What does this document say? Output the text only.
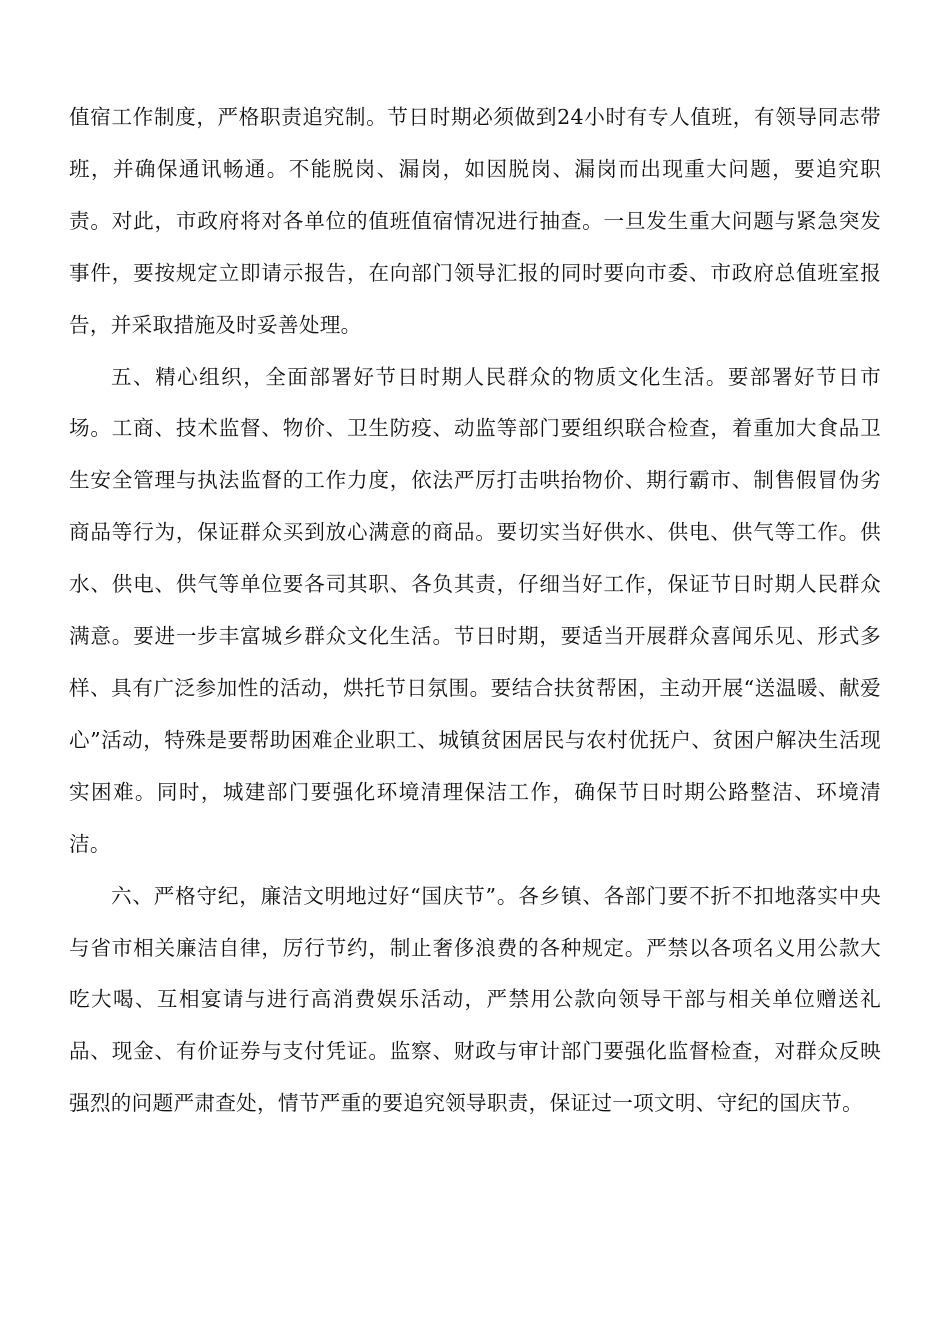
值宿工作制度，严格职责追究制。节日时期必须做到24小时有专人值班，有领导同志带班，并确保通讯畅通。不能脱岗、漏岗，如因脱岗、漏岗而出现重大问题，要追究职责。对此，市政府将对各单位的值班值宿情况进行抽查。一旦发生重大问题与紧急突发事件，要按规定立即请示报告，在向部门领导汇报的同时要向市委、市政府总值班室报告，并采取措施及时妥善处理。

五、精心组织，全面部署好节日时期人民群众的物质文化生活。要部署好节日市场。工商、技术监督、物价、卫生防疫、动监等部门要组织联合检查，着重加大食品卫生安全管理与执法监督的工作力度，依法严厉打击哄抬物价、期行霸市、制售假冒伪劣商品等行为，保证群众买到放心满意的商品。要切实当好供水、供电、供气等工作。供水、供电、供气等单位要各司其职、各负其责，仔细当好工作，保证节日时期人民群众满意。要进一步丰富城乡群众文化生活。节日时期，要适当开展群众喜闻乐见、形式多样、具有广泛参加性的活动，烘托节日氛围。要结合扶贫帮困，主动开展“送温暖、献爱心”活动，特殊是要帮助困难企业职工、城镇贫困居民与农村优抚户、贫困户解决生活现实困难。同时，城建部门要强化环境清理保洁工作，确保节日时期公路整洁、环境清洁。

六、严格守纪，廉洁文明地过好“国庆节”。各乡镇、各部门要不折不扣地落实中央与省市相关廉洁自律，厉行节约，制止奢侈浪费的各种规定。严禁以各项名义用公款大吃大喝、互相宴请与进行高消费娱乐活动，严禁用公款向领导干部与相关单位赠送礼品、现金、有价证券与支付凭证。监察、财政与审计部门要强化监督检查，对群众反映强烈的问题严肃查处，情节严重的要追究领导职责，保证过一项文明、守纪的国庆节。
